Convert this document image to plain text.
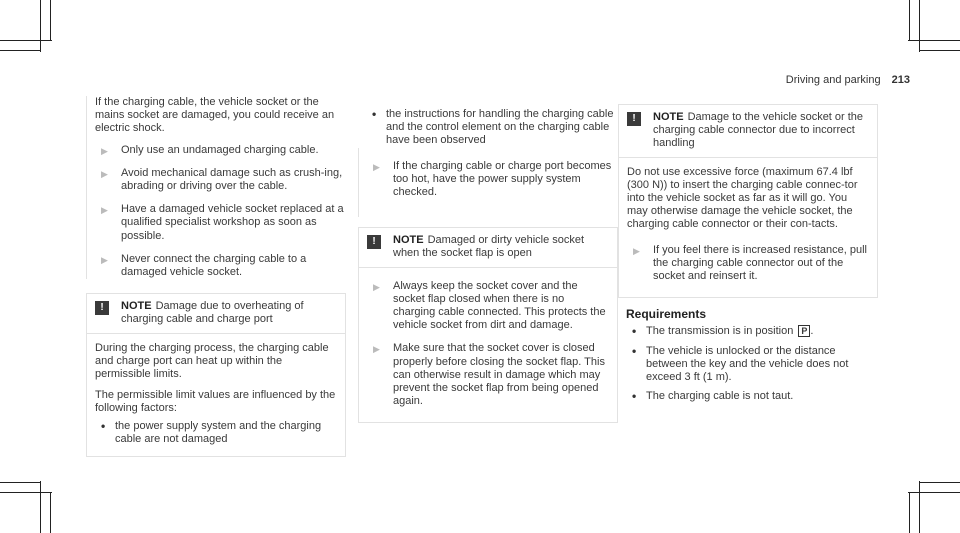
Driving and parking 213

If the charging cable, the vehicle socket or the mains socket are damaged, you could receive an electric shock.

▶ Only use an undamaged charging cable.
▶ Avoid mechanical damage such as crush-ing, abrading or driving over the cable.
▶ Have a damaged vehicle socket replaced at a qualified specialist workshop as soon as possible.
▶ Never connect the charging cable to a damaged vehicle socket.
!	NOTE Damage due to overheating of charging cable and charge port

During the charging process, the charging cable and charge port can heat up within the permissible limits.

The permissible limit values are influenced by the following factors:

• the power supply system and the charging cable are not damaged
• the instructions for handling the charging cable and the control element on the charging cable have been observed
▶ If the charging cable or charge port becomes too hot, have the power supply system checked.
!	NOTE Damaged or dirty vehicle socket when the socket flap is open
▶ Always keep the socket cover and the socket flap closed when there is no charging cable connected. This protects the vehicle socket from dirt and damage.
▶ Make sure that the socket cover is closed properly before closing the socket flap. This can otherwise result in damage which may prevent the socket flap from being opened again.
!	NOTE Damage to the vehicle socket or the charging cable connector due to incorrect handling

Do not use excessive force (maximum 67.4 lbf (300 N)) to insert the charging cable connec-tor into the vehicle socket as far as it will go. You may otherwise damage the vehicle socket, the charging cable connector or their con-tacts.

▶ If you feel there is increased resistance, pull the charging cable connector out of the socket and reinsert it.
Requirements
• The transmission is in position P .
• The vehicle is unlocked or the distance between the key and the vehicle does not exceed 3 ft (1 m).
• The charging cable is not taut.
